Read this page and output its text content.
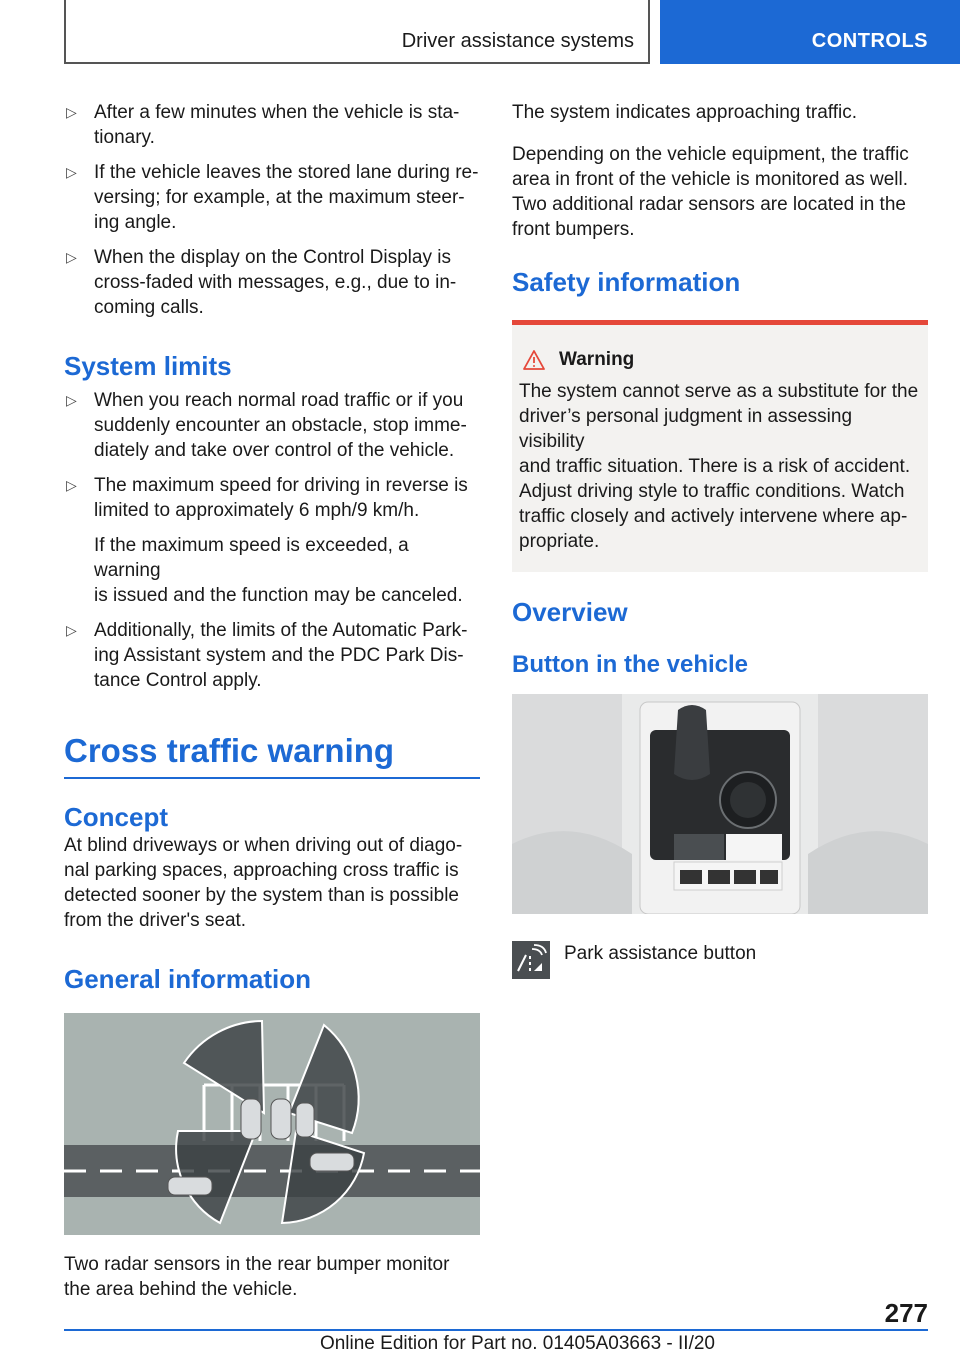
Driver assistance systems	CONTROLS
▷ After a few minutes when the vehicle is sta-
tionary.
▷ If the vehicle leaves the stored lane during re-
versing; for example, at the maximum steer-
ing angle.
▷ When the display on the Control Display is
cross-faded with messages, e.g., due to in-
coming calls.
System limits
▷ When you reach normal road traffic or if you
suddenly encounter an obstacle, stop imme-
diately and take over control of the vehicle.
▷ The maximum speed for driving in reverse is
limited to approximately 6 mph/9 km/h.
If the maximum speed is exceeded, a warning
is issued and the function may be canceled.
▷ Additionally, the limits of the Automatic Park-
ing Assistant system and the PDC Park Dis-
tance Control apply.
Cross traffic warning
Concept

At blind driveways or when driving out of diago-
nal parking spaces, approaching cross traffic is
detected sooner by the system than is possible
from the driver's seat.

General information

Two radar sensors in the rear bumper monitor
the area behind the vehicle.

The system indicates approaching traffic.

Depending on the vehicle equipment, the traffic
area in front of the vehicle is monitored as well.
Two additional radar sensors are located in the
front bumpers.

Safety information
Warning

The system cannot serve as a substitute for the
driver’s personal judgment in assessing visibility
and traffic situation. There is a risk of accident.
Adjust driving style to traffic conditions. Watch
traffic closely and actively intervene where ap-
propriate.

Overview
Button in the vehicle
Park assistance button
277
Online Edition for Part no. 01405A03663 - II/20
